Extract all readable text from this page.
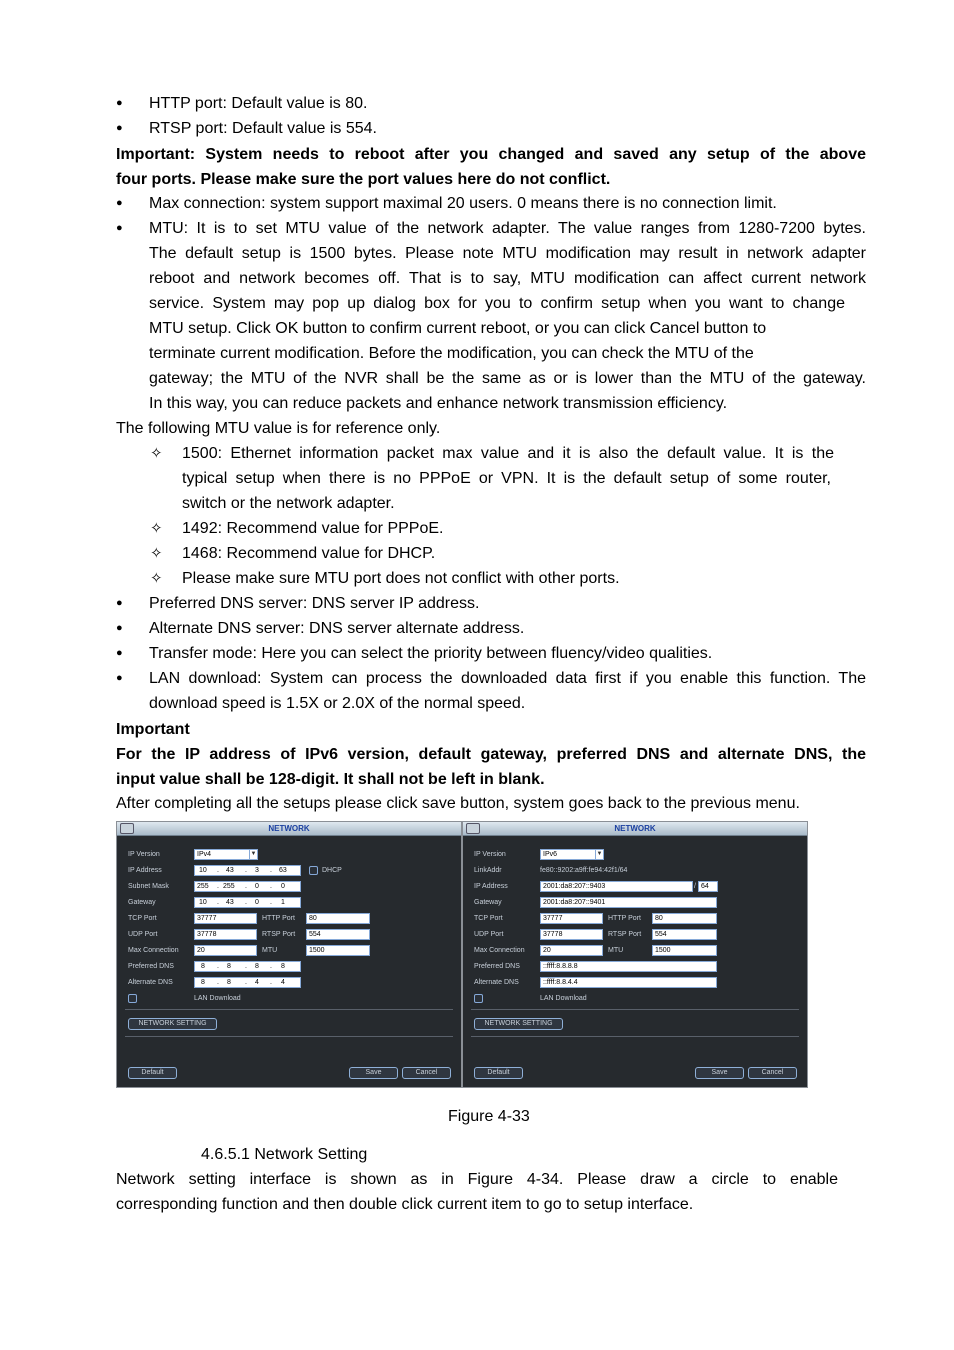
● HTTP port: Default value is 80.
● RTSP port: Default value is 554.
Important: System needs to reboot after you changed and saved any setup of the above
four ports. Please make sure the port values here do not conflict.
● Max connection: system support maximal 20 users. 0 means there is no connection limit.
● MTU: It is to set MTU value of the network adapter. The value ranges from 1280-7200 bytes.
The default setup is 1500 bytes. Please note MTU modification may result in network adapter
reboot and network becomes off. That is to say, MTU modification can affect current network
service. System may pop up dialog box for you to confirm setup when you want to change
MTU setup. Click OK button to confirm current reboot, or you can click Cancel button to
terminate current modification. Before the modification, you can check the MTU of the
gateway; the MTU of the NVR shall be the same as or is lower than the MTU of the gateway.
In this way, you can reduce packets and enhance network transmission efficiency.
The following MTU value is for reference only.
✧ 1500: Ethernet information packet max value and it is also the default value. It is the
typical setup when there is no PPPoE or VPN. It is the default setup of some router,
switch or the network adapter.
✧ 1492: Recommend value for PPPoE.
✧ 1468: Recommend value for DHCP.
✧ Please make sure MTU port does not conflict with other ports.
● Preferred DNS server: DNS server IP address.
● Alternate DNS server: DNS server alternate address.
● Transfer mode: Here you can select the priority between fluency/video qualities.
● LAN download: System can process the downloaded data first if you enable this function. The
download speed is 1.5X or 2.0X of the normal speed.
Important
For the IP address of IPv6 version, default gateway, preferred DNS and alternate DNS, the
input value shall be 128-digit. It shall not be left in blank.
After completing all the setups please click save button, system goes back to the previous menu.
NETWORK
IP Version	IPv4	▼
IP Address	10 . 43 . 3 . 63	DHCP
Subnet Mask	255 . 255 . 0 . 0
Gateway	10 . 43 . 0 . 1
TCP Port	37777	HTTP Port	80
UDP Port	37778	RTSP Port	554
Max Connection	20	MTU	1500
Preferred DNS	8 . 8 . 8 . 8
Alternate DNS	8 . 8 . 4 . 4
LAN Download
NETWORK SETTING
Default	Save	Cancel
NETWORK
IP Version	IPv6	▼
LinkAddr	fe80::9202:a9ff:fe94:42f1/64
IP Address	2001:da8:207::9403	/ 64
Gateway	2001:da8:207::9401
TCP Port	37777	HTTP Port	80
UDP Port	37778	RTSP Port	554
Max Connection	20	MTU	1500
Preferred DNS	::ffff:8.8.8.8
Alternate DNS	::ffff:8.8.4.4
LAN Download
NETWORK SETTING
Default	Save	Cancel
Figure 4-33
4.6.5.1 Network Setting
Network setting interface is shown as in Figure 4-34. Please draw a circle to enable
corresponding function and then double click current item to go to setup interface.
